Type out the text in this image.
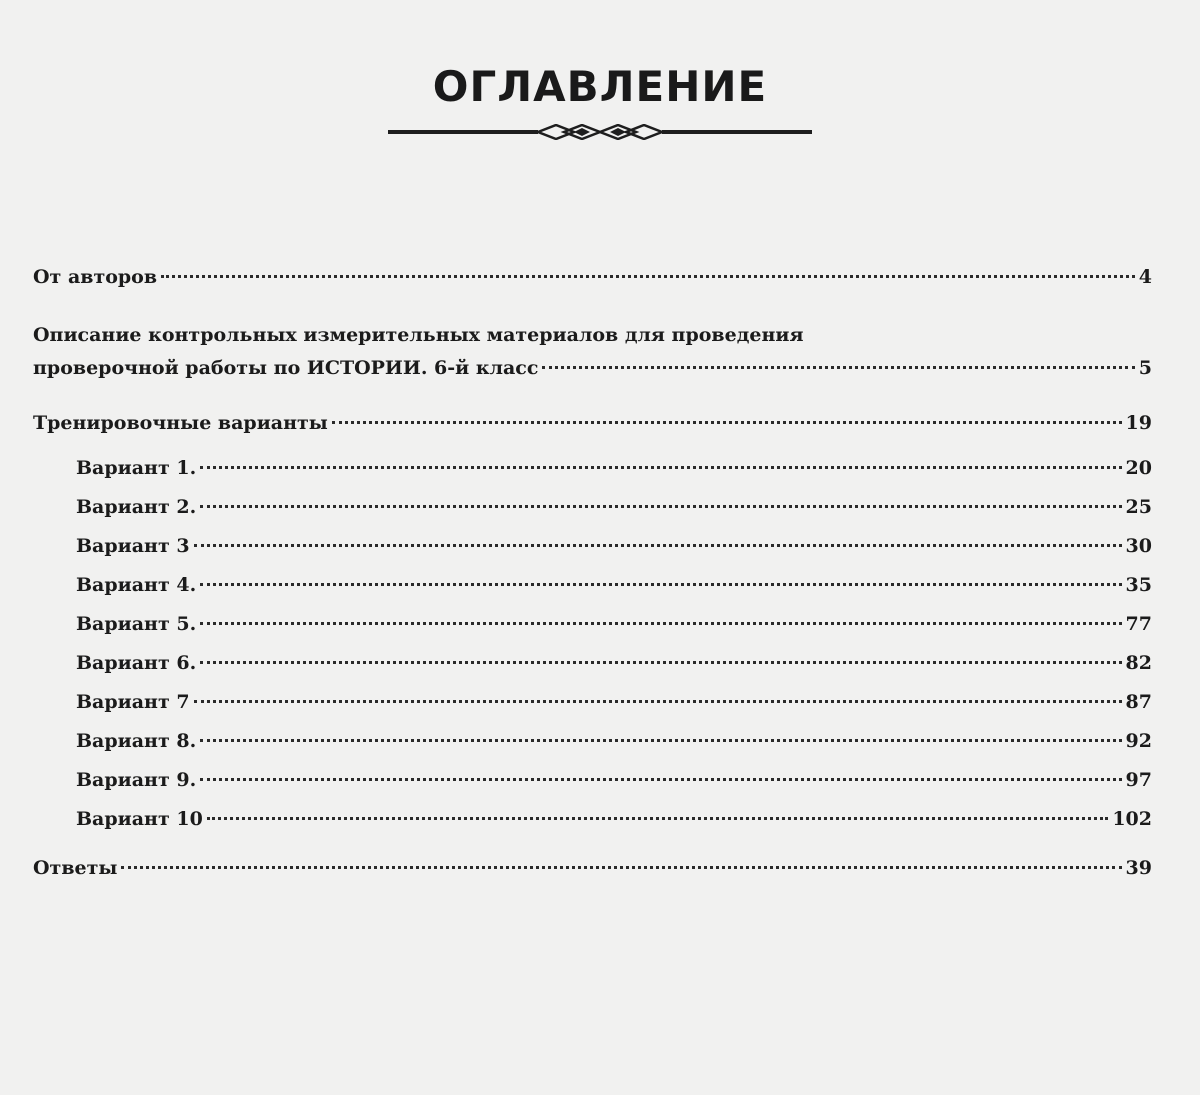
ОГЛАВЛЕНИЕ
От авторов	4
Описание контрольных измерительных материалов для проведения
проверочной работы по ИСТОРИИ. 6-й класс	5
Тренировочные варианты	19
Вариант 1.	20
Вариант 2.	25
Вариант 3	30
Вариант 4.	35
Вариант 5.	77
Вариант 6.	82
Вариант 7	87
Вариант 8.	92
Вариант 9.	97
Вариант 10	102
Ответы	39
